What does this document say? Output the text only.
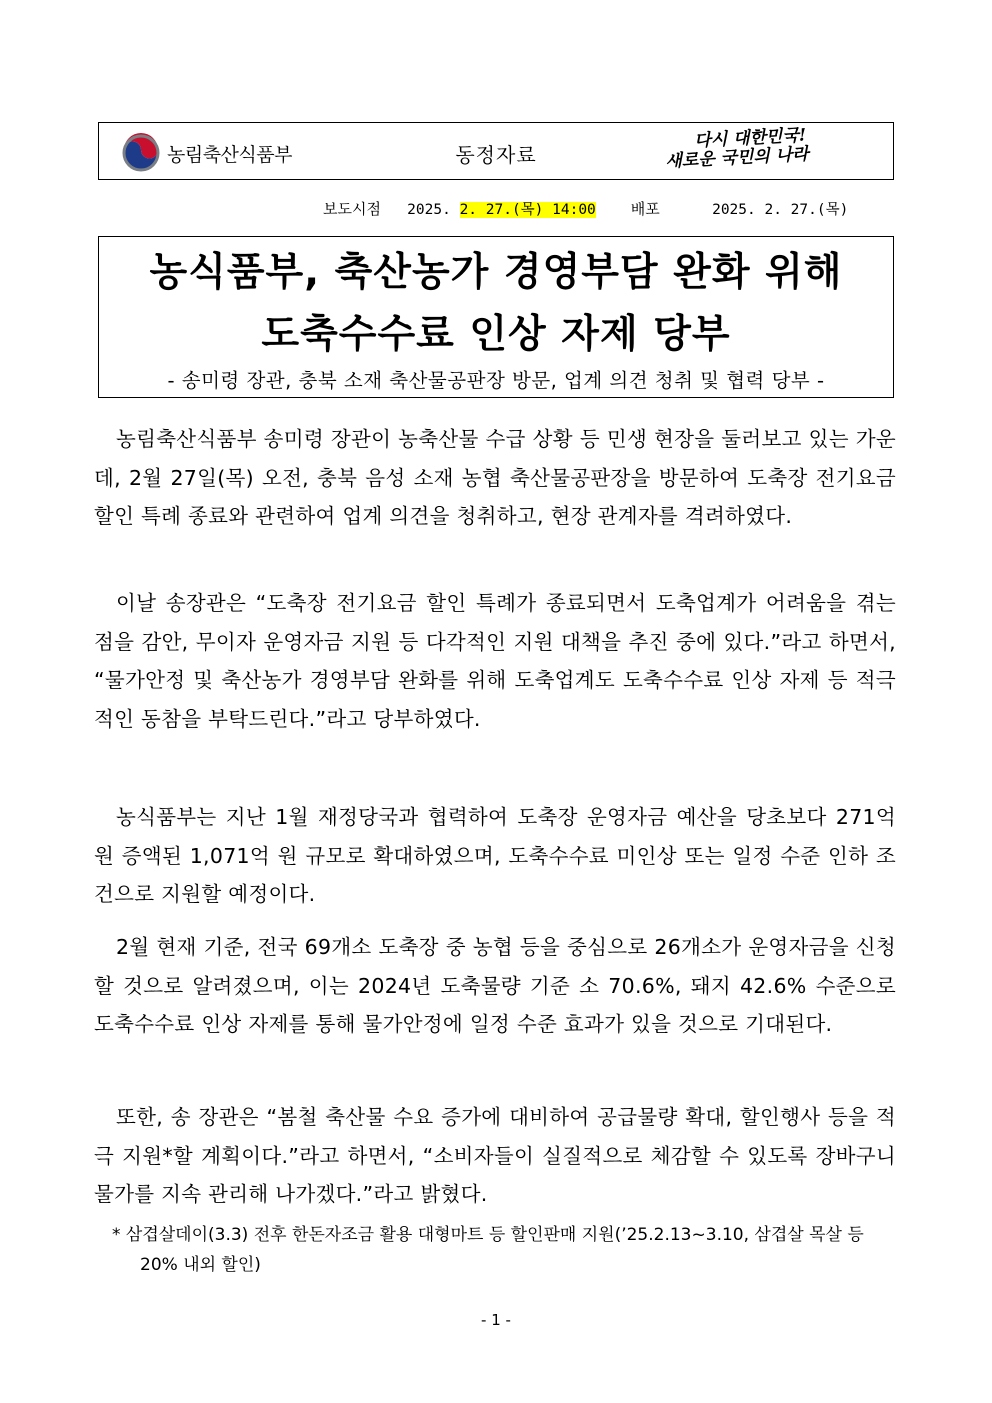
농림축산식품부	동정자료
다시 대한민국!
새로운 국민의 나라
보도시점 2025. 2. 27.(목) 14:00 배포	2025. 2. 27.(목)
농식품부, 축산농가 경영부담 완화 위해
도축수수료 인상 자제 당부
- 송미령 장관, 충북 소재 축산물공판장 방문, 업계 의견 청취 및 협력 당부 -

농림축산식품부 송미령 장관이 농축산물 수급 상황 등 민생 현장을 둘러보고 있는 가운데, 2월 27일(목) 오전, 충북 음성 소재 농협 축산물공판장을 방문하여 도축장 전기요금 할인 특례 종료와 관련하여 업계 의견을 청취하고, 현장 관계자를 격려하였다.

이날 송장관은 “도축장 전기요금 할인 특례가 종료되면서 도축업계가 어려움을 겪는 점을 감안, 무이자 운영자금 지원 등 다각적인 지원 대책을 추진 중에 있다.”라고 하면서, “물가안정 및 축산농가 경영부담 완화를 위해 도축업계도 도축수수료 인상 자제 등 적극적인 동참을 부탁드린다.”라고 당부하였다.

농식품부는 지난 1월 재정당국과 협력하여 도축장 운영자금 예산을 당초보다 271억 원 증액된 1,071억 원 규모로 확대하였으며, 도축수수료 미인상 또는 일정 수준 인하 조건으로 지원할 예정이다.

2월 현재 기준, 전국 69개소 도축장 중 농협 등을 중심으로 26개소가 운영자금을 신청할 것으로 알려졌으며, 이는 2024년 도축물량 기준 소 70.6%, 돼지 42.6% 수준으로 도축수수료 인상 자제를 통해 물가안정에 일정 수준 효과가 있을 것으로 기대된다.

또한, 송 장관은 “봄철 축산물 수요 증가에 대비하여 공급물량 확대, 할인행사 등을 적극 지원*할 계획이다.”라고 하면서, “소비자들이 실질적으로 체감할 수 있도록 장바구니 물가를 지속 관리해 나가겠다.”라고 밝혔다.

* 삼겹살데이(3.3) 전후 한돈자조금 활용 대형마트 등 할인판매 지원(’25.2.13~3.10, 삼겹살 목살 등 20% 내외 할인)
- 1 -
